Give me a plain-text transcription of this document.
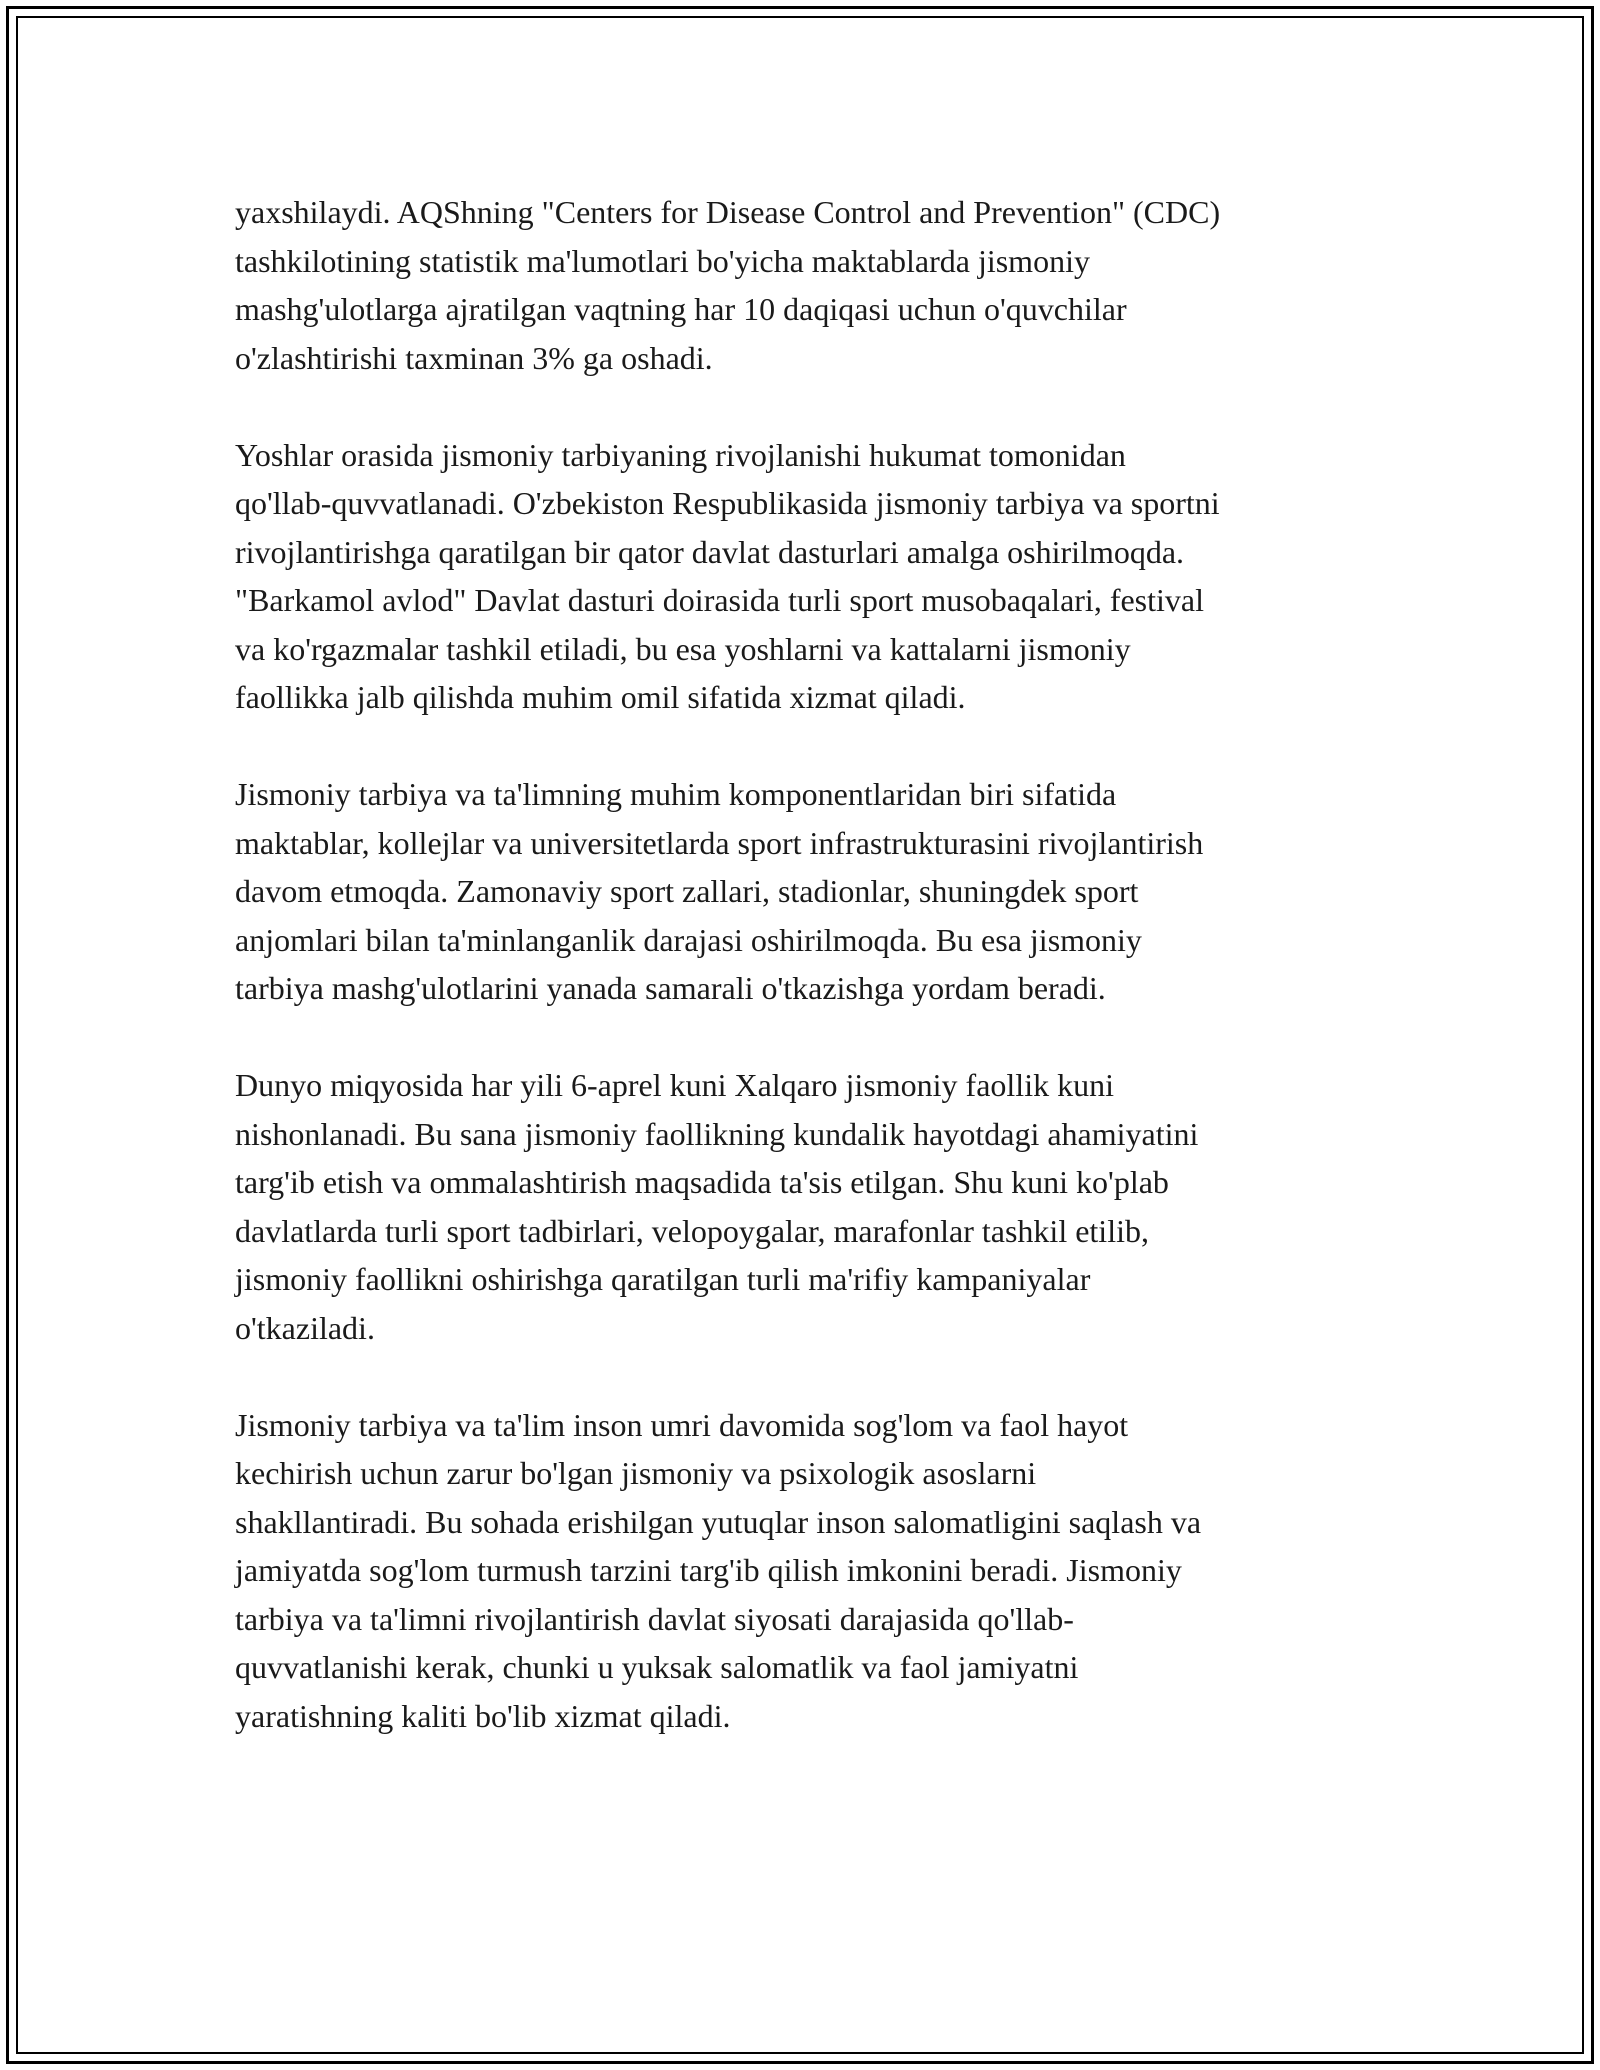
yaxshilaydi. AQShning "Centers for Disease Control and Prevention" (CDC)
tashkilotining statistik ma'lumotlari bo'yicha maktablarda jismoniy
mashg'ulotlarga ajratilgan vaqtning har 10 daqiqasi uchun o'quvchilar
o'zlashtirishi taxminan 3% ga oshadi.

Yoshlar orasida jismoniy tarbiyaning rivojlanishi hukumat tomonidan
qo'llab-quvvatlanadi. O'zbekiston Respublikasida jismoniy tarbiya va sportni
rivojlantirishga qaratilgan bir qator davlat dasturlari amalga oshirilmoqda.
"Barkamol avlod" Davlat dasturi doirasida turli sport musobaqalari, festival
va ko'rgazmalar tashkil etiladi, bu esa yoshlarni va kattalarni jismoniy
faollikka jalb qilishda muhim omil sifatida xizmat qiladi.

Jismoniy tarbiya va ta'limning muhim komponentlaridan biri sifatida
maktablar, kollejlar va universitetlarda sport infrastrukturasini rivojlantirish
davom etmoqda. Zamonaviy sport zallari, stadionlar, shuningdek sport
anjomlari bilan ta'minlanganlik darajasi oshirilmoqda. Bu esa jismoniy
tarbiya mashg'ulotlarini yanada samarali o'tkazishga yordam beradi.

Dunyo miqyosida har yili 6-aprel kuni Xalqaro jismoniy faollik kuni
nishonlanadi. Bu sana jismoniy faollikning kundalik hayotdagi ahamiyatini
targ'ib etish va ommalashtirish maqsadida ta'sis etilgan. Shu kuni ko'plab
davlatlarda turli sport tadbirlari, velopoygalar, marafonlar tashkil etilib,
jismoniy faollikni oshirishga qaratilgan turli ma'rifiy kampaniyalar
o'tkaziladi.

Jismoniy tarbiya va ta'lim inson umri davomida sog'lom va faol hayot
kechirish uchun zarur bo'lgan jismoniy va psixologik asoslarni
shakllantiradi. Bu sohada erishilgan yutuqlar inson salomatligini saqlash va
jamiyatda sog'lom turmush tarzini targ'ib qilish imkonini beradi. Jismoniy
tarbiya va ta'limni rivojlantirish davlat siyosati darajasida qo'llab-
quvvatlanishi kerak, chunki u yuksak salomatlik va faol jamiyatni
yaratishning kaliti bo'lib xizmat qiladi.
